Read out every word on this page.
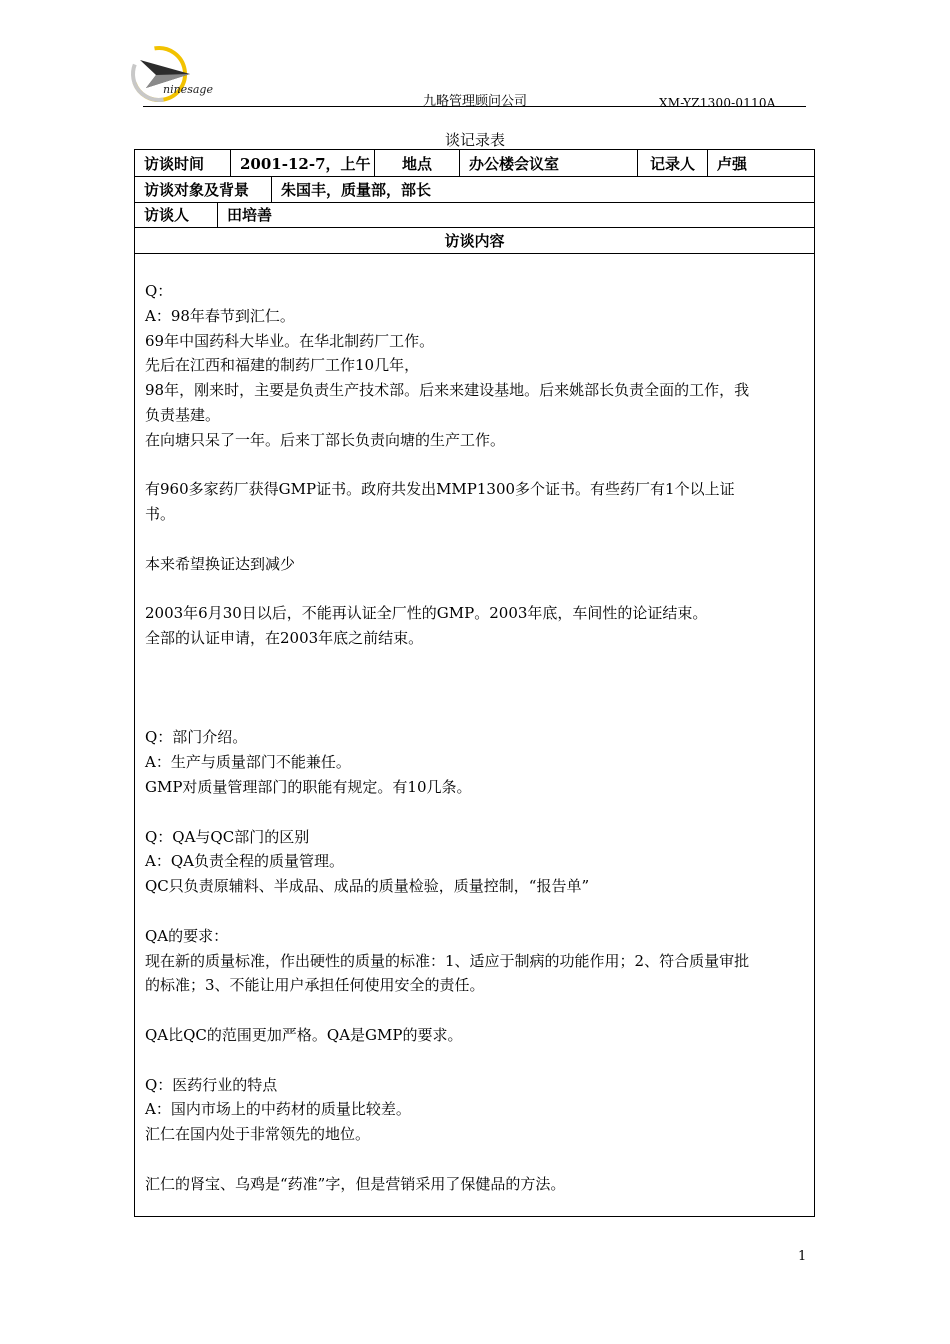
ninesage
九略管理顾问公司	XM-YZ1300-0110A
谈记录表
访谈时间	2001-12-7，上午	地点	办公楼会议室	记录人	卢强
访谈对象及背景	朱国丰，质量部，部长
访谈人	田培善
访谈内容

Q：

A：98年春节到汇仁。

69年中国药科大毕业。在华北制药厂工作。

先后在江西和福建的制药厂工作10几年，

98年，刚来时，主要是负责生产技术部。后来来建设基地。后来姚部长负责全面的工作，我

负责基建。

在向塘只呆了一年。后来丁部长负责向塘的生产工作。

有960多家药厂获得GMP证书。政府共发出MMP1300多个证书。有些药厂有1个以上证

书。

本来希望换证达到减少

2003年6月30日以后，不能再认证全厂性的GMP。2003年底，车间性的论证结束。

全部的认证申请，在2003年底之前结束。

Q：部门介绍。

A：生产与质量部门不能兼任。

GMP对质量管理部门的职能有规定。有10几条。

Q：QA与QC部门的区别

A：QA负责全程的质量管理。

QC只负责原辅料、半成品、成品的质量检验，质量控制，“报告单”

QA的要求：

现在新的质量标准，作出硬性的质量的标准：1、适应于制病的功能作用；2、符合质量审批

的标准；3、不能让用户承担任何使用安全的责任。

QA比QC的范围更加严格。QA是GMP的要求。

Q：医药行业的特点

A：国内市场上的中药材的质量比较差。

汇仁在国内处于非常领先的地位。

汇仁的肾宝、乌鸡是“药准”字，但是营销采用了保健品的方法。

1
